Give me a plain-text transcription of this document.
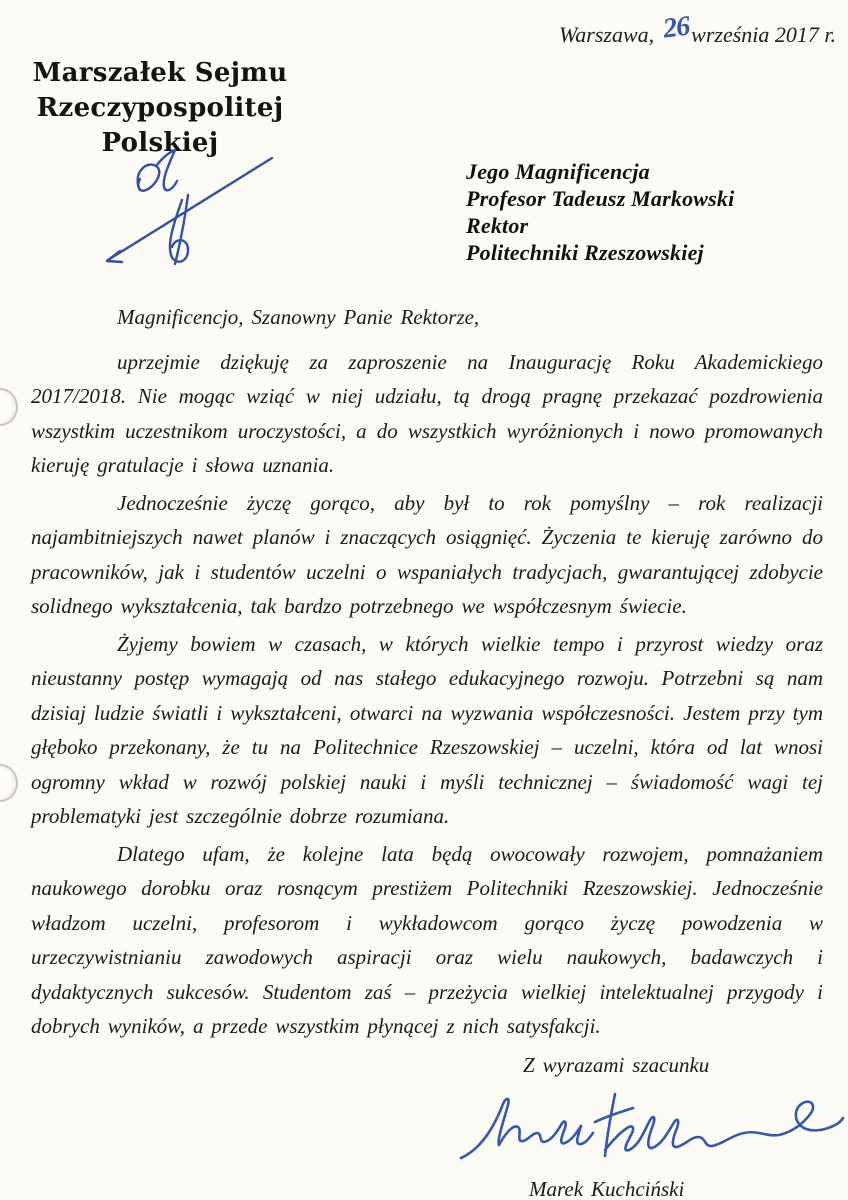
Warszawa, 26 września 2017 r.
Marszałek Sejmu
Rzeczypospolitej Polskiej
Jego Magnificencja
Profesor Tadeusz Markowski
Rektor
Politechniki Rzeszowskiej

Magnificencjo, Szanowny Panie Rektorze,

uprzejmie dziękuję za zaproszenie na Inaugurację Roku Akademickiego 2017/2018. Nie mogąc wziąć w niej udziału, tą drogą pragnę przekazać pozdrowienia wszystkim uczestnikom uroczystości, a do wszystkich wyróżnionych i nowo promowanych kieruję gratulacje i słowa uznania.

Jednocześnie życzę gorąco, aby był to rok pomyślny – rok realizacji najambitniejszych nawet planów i znaczących osiągnięć. Życzenia te kieruję zarówno do pracowników, jak i studentów uczelni o wspaniałych tradycjach, gwarantującej zdobycie solidnego wykształcenia, tak bardzo potrzebnego we współczesnym świecie.

Żyjemy bowiem w czasach, w których wielkie tempo i przyrost wiedzy oraz nieustanny postęp wymagają od nas stałego edukacyjnego rozwoju. Potrzebni są nam dzisiaj ludzie światli i wykształceni, otwarci na wyzwania współczesności. Jestem przy tym głęboko przekonany, że tu na Politechnice Rzeszowskiej – uczelni, która od lat wnosi ogromny wkład w rozwój polskiej nauki i myśli technicznej – świadomość wagi tej problematyki jest szczególnie dobrze rozumiana.

Dlatego ufam, że kolejne lata będą owocowały rozwojem, pomnażaniem naukowego dorobku oraz rosnącym prestiżem Politechniki Rzeszowskiej. Jednocześnie władzom uczelni, profesorom i wykładowcom gorąco życzę powodzenia w urzeczywistnianiu zawodowych aspiracji oraz wielu naukowych, badawczych i dydaktycznych sukcesów. Studentom zaś – przeżycia wielkiej intelektualnej przygody i dobrych wyników, a przede wszystkim płynącej z nich satysfakcji.

Z wyrazami szacunku

Marek Kuchciński
